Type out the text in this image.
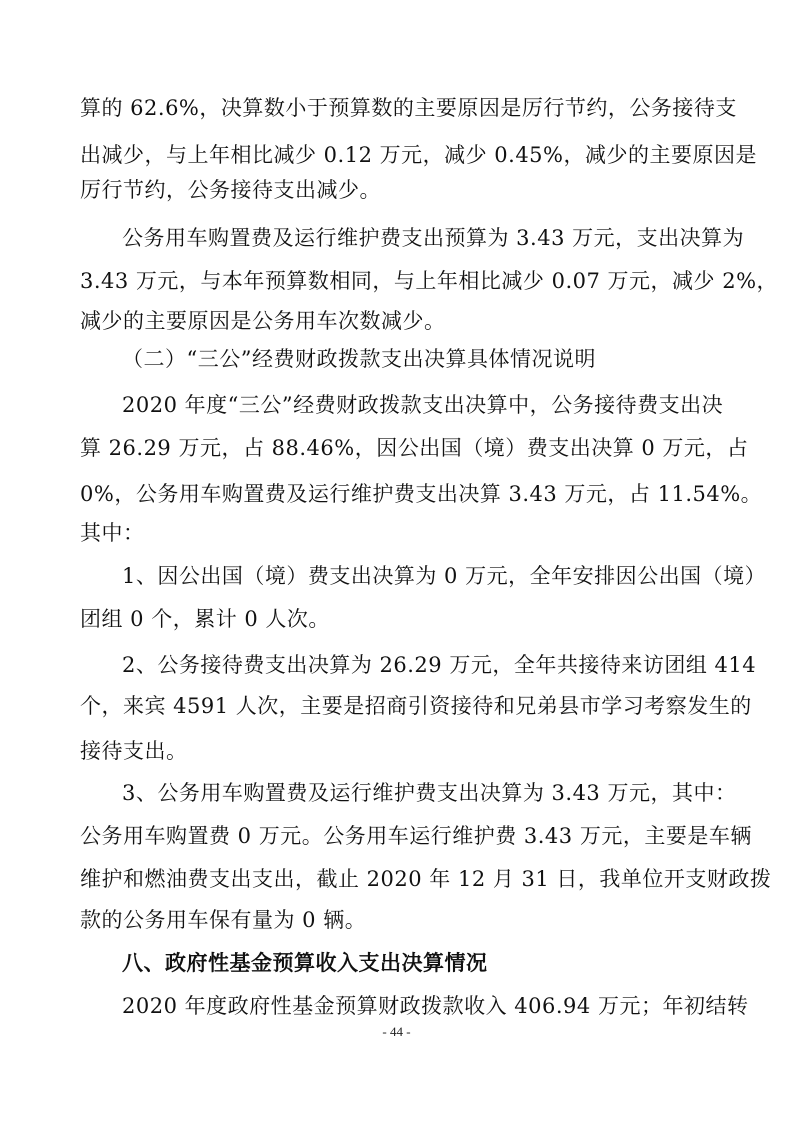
算的 62.6%，决算数小于预算数的主要原因是厉行节约，公务接待支
出减少，与上年相比减少 0.12 万元，减少 0.45%，减少的主要原因是
厉行节约，公务接待支出减少。
公务用车购置费及运行维护费支出预算为 3.43 万元，支出决算为
3.43 万元，与本年预算数相同，与上年相比减少 0.07 万元，减少 2%，
减少的主要原因是公务用车次数减少。
（二）“三公”经费财政拨款支出决算具体情况说明
2020 年度“三公”经费财政拨款支出决算中，公务接待费支出决
算 26.29 万元，占 88.46%，因公出国（境）费支出决算 0 万元，占
0%，公务用车购置费及运行维护费支出决算 3.43 万元，占 11.54%。
其中：
1、因公出国（境）费支出决算为 0 万元，全年安排因公出国（境）
团组 0 个，累计 0 人次。
2、公务接待费支出决算为 26.29 万元，全年共接待来访团组 414
个，来宾 4591 人次，主要是招商引资接待和兄弟县市学习考察发生的
接待支出。
3、公务用车购置费及运行维护费支出决算为 3.43 万元，其中：
公务用车购置费 0 万元。公务用车运行维护费 3.43 万元，主要是车辆
维护和燃油费支出支出，截止 2020 年 12 月 31 日，我单位开支财政拨
款的公务用车保有量为 0 辆。
八、政府性基金预算收入支出决算情况
2020 年度政府性基金预算财政拨款收入 406.94 万元；年初结转
- 44 -
